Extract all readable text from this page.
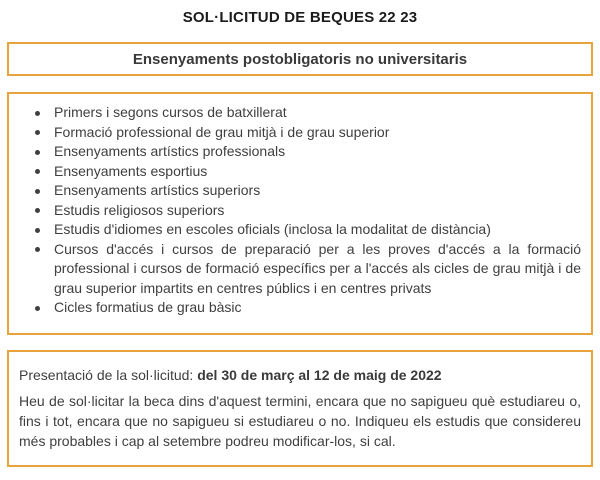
SOL·LICITUD DE BEQUES 22 23
Ensenyaments postobligatoris no universitaris
Primers i segons cursos de batxillerat
Formació professional de grau mitjà i de grau superior
Ensenyaments artístics professionals
Ensenyaments esportius
Ensenyaments artístics superiors
Estudis religiosos superiors
Estudis d'idiomes en escoles oficials (inclosa la modalitat de distància)
Cursos d'accés i cursos de preparació per a les proves d'accés a la formació professional i cursos de formació específics per a l'accés als cicles de grau mitjà i de grau superior impartits en centres públics i en centres privats
Cicles formatius de grau bàsic

Presentació de la sol·licitud: del 30 de març al 12 de maig de 2022

Heu de sol·licitar la beca dins d'aquest termini, encara que no sapigueu què estudiareu o, fins i tot, encara que no sapigueu si estudiareu o no. Indiqueu els estudis que considereu més probables i cap al setembre podreu modificar-los, si cal.
